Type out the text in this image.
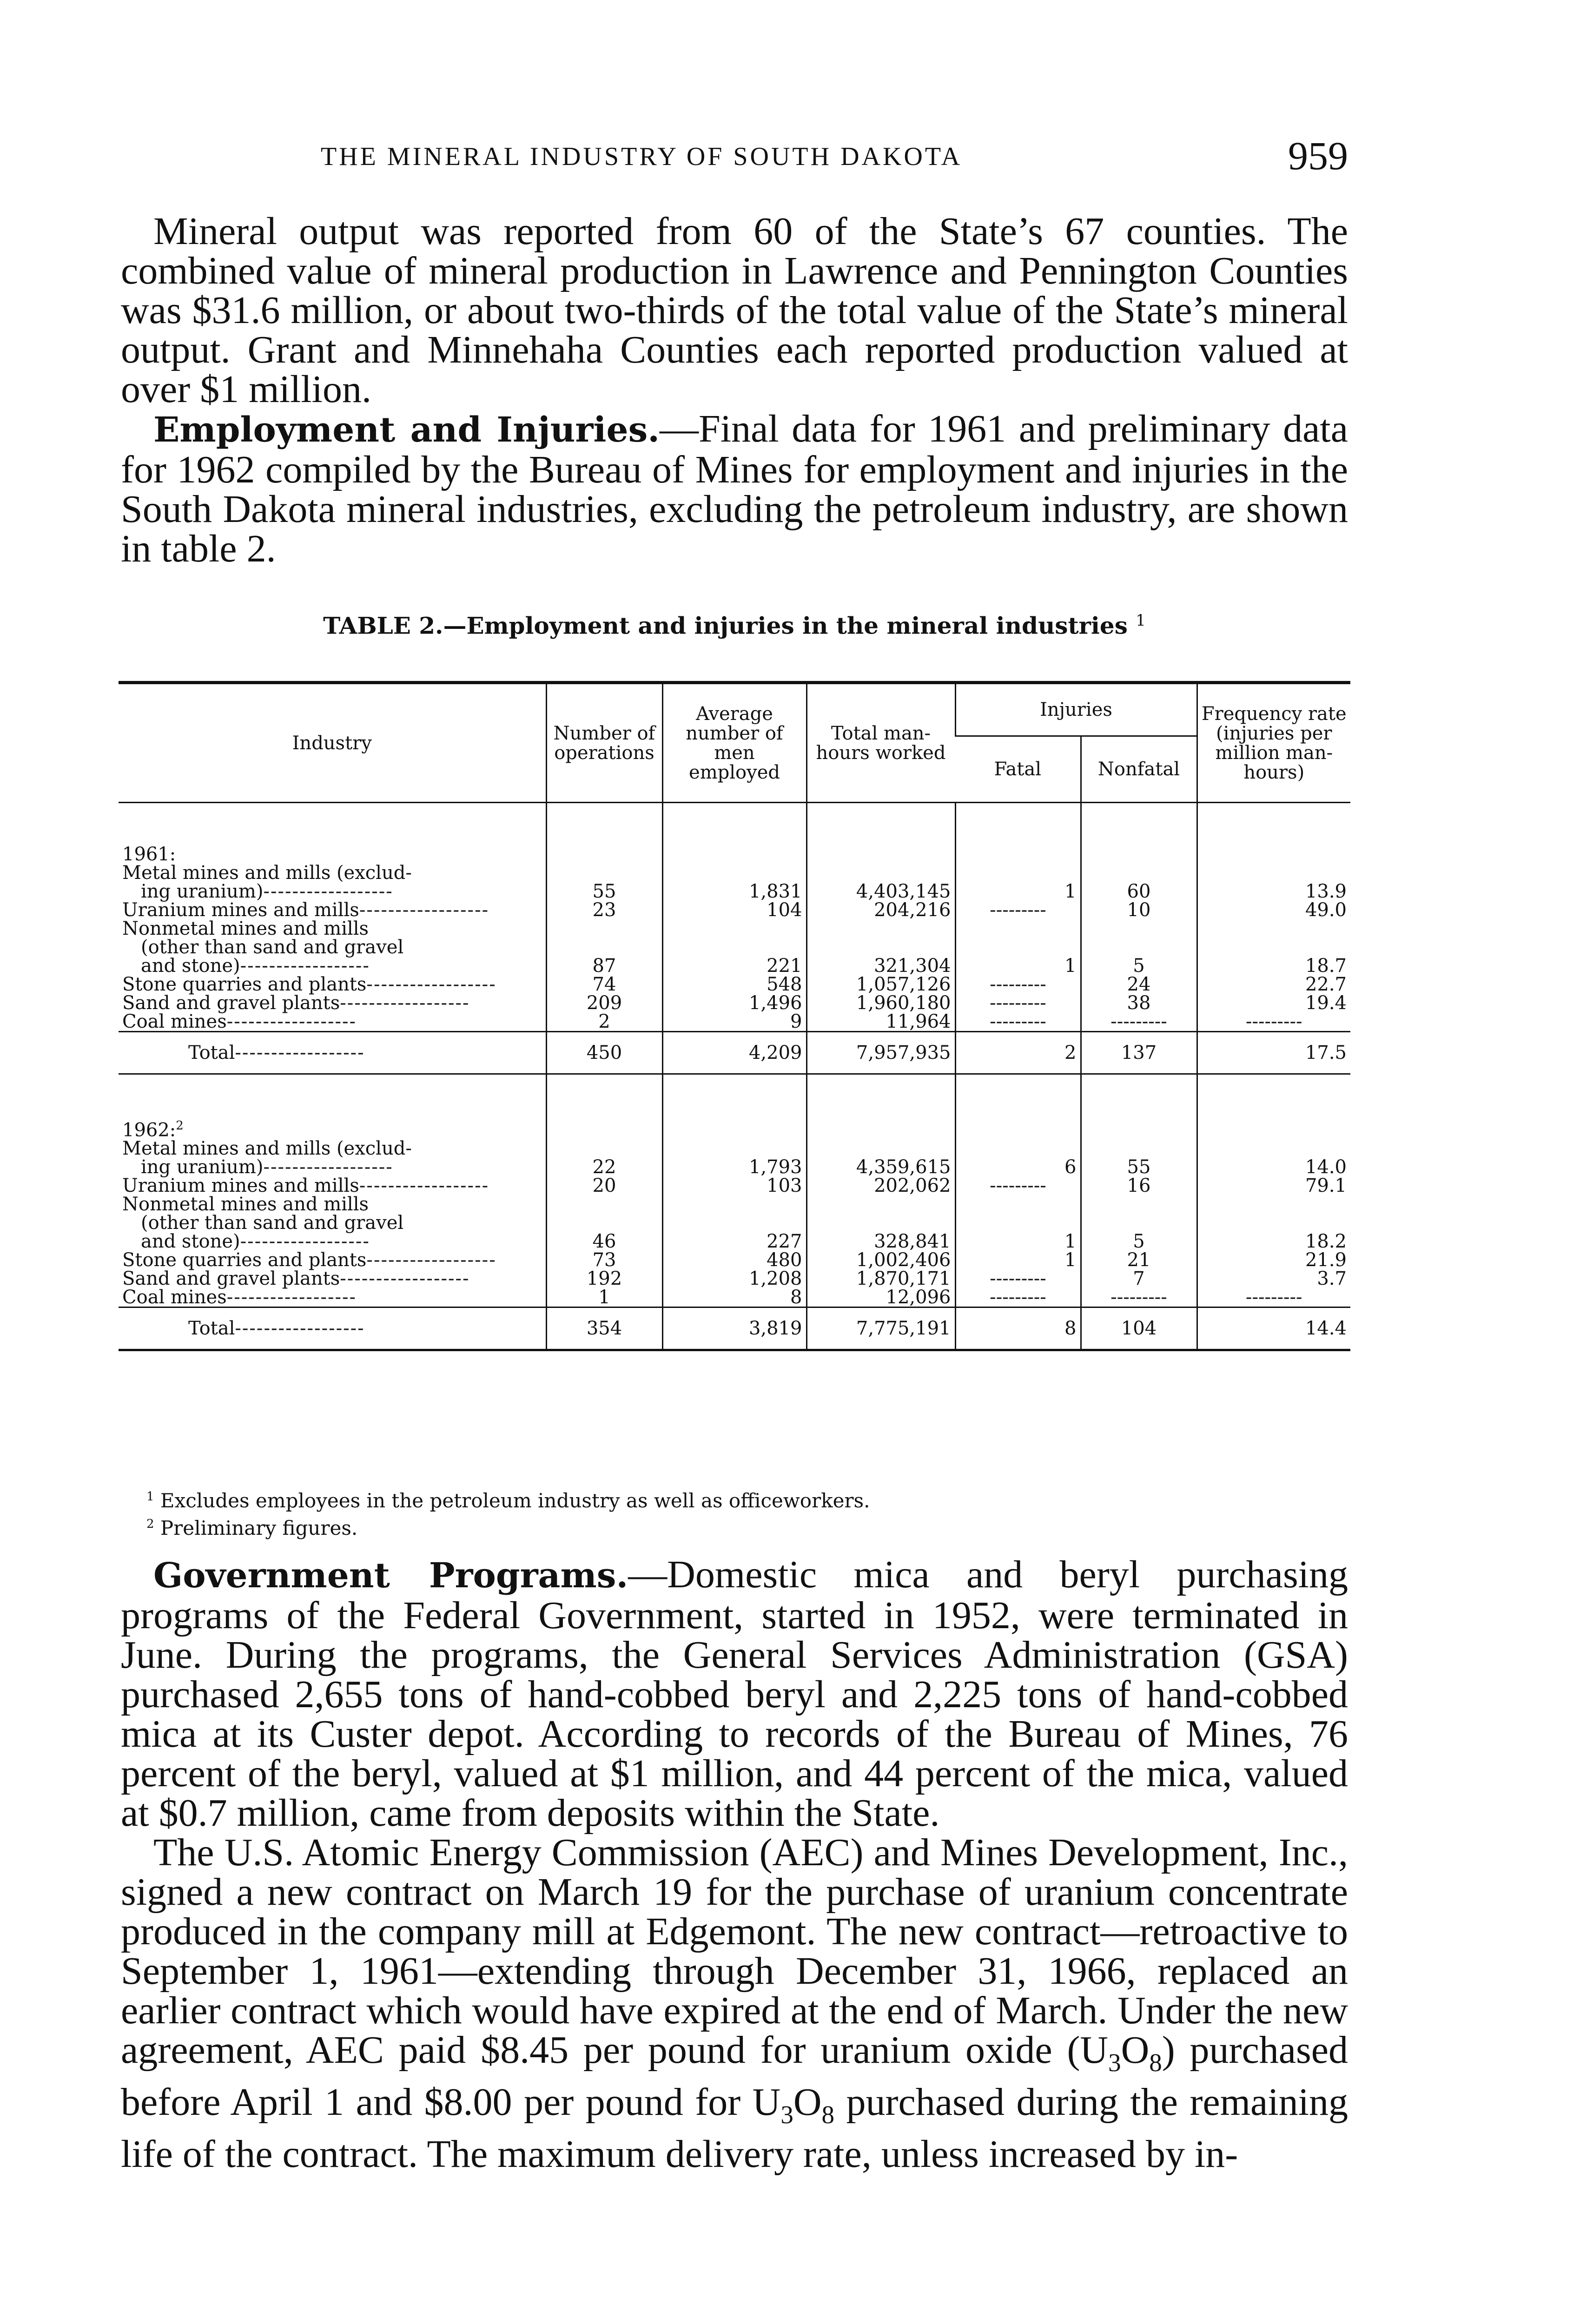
THE MINERAL INDUSTRY OF SOUTH DAKOTA	959

Mineral output was reported from 60 of the State’s 67 counties. The combined value of mineral production in Lawrence and Pennington Counties was $31.6 million, or about two-thirds of the total value of the State’s mineral output. Grant and Minnehaha Counties each reported production valued at over $1 million.

Employment and Injuries.—Final data for 1961 and preliminary data for 1962 compiled by the Bureau of Mines for employment and injuries in the South Dakota mineral industries, excluding the petroleum industry, are shown in table 2.

TABLE 2.—Employment and injuries in the mineral industries $^1$
Industry	Number of operations	Average number of men employed	Total man-hours worked	Injuries		Frequency rate (injuries per million man-hours)
				Fatal	Nonfatal	
1961:						

Metal mines and mills (exclud-
ing uranium)------------------	55	1,831	4,403,145	1	60	13.9
Uranium mines and mills------------------	23	104	204,216	---------	10	49.0

Nonmetal mines and mills
(other than sand and gravel
and stone)------------------	87	221	321,304	1	5	18.7
Stone quarries and plants------------------	74	548	1,057,126	---------	24	22.7
Sand and gravel plants------------------	209	1,496	1,960,180	---------	38	19.4
Coal mines------------------	2	9	11,964	---------	---------	---------
Total------------------	450	4,209	7,957,935	2	137	17.5
1962:$^2$						

Metal mines and mills (exclud-
ing uranium)------------------	22	1,793	4,359,615	6	55	14.0
Uranium mines and mills------------------	20	103	202,062	---------	16	79.1

Nonmetal mines and mills
(other than sand and gravel
and stone)------------------	46	227	328,841	1	5	18.2
Stone quarries and plants------------------	73	480	1,002,406	1	21	21.9
Sand and gravel plants------------------	192	1,208	1,870,171	---------	7	3.7
Coal mines------------------	1	8	12,096	---------	---------	---------
Total------------------	354	3,819	7,775,191	8	104	14.4
$^1$ Excludes employees in the petroleum industry as well as officeworkers.
$^2$ Preliminary figures.

Government Programs.—Domestic mica and beryl purchasing programs of the Federal Government, started in 1952, were terminated in June. During the programs, the General Services Administration (GSA) purchased 2,655 tons of hand-cobbed beryl and 2,225 tons of hand-cobbed mica at its Custer depot. According to records of the Bureau of Mines, 76 percent of the beryl, valued at $1 million, and 44 percent of the mica, valued at $0.7 million, came from deposits within the State.

The U.S. Atomic Energy Commission (AEC) and Mines Development, Inc., signed a new contract on March 19 for the purchase of uranium concentrate produced in the company mill at Edgemont. The new contract—retroactive to September 1, 1961—extending through December 31, 1966, replaced an earlier contract which would have expired at the end of March. Under the new agreement, AEC paid $8.45 per pound for uranium oxide $(U_3O_8)$ purchased before April 1 and $8.00 per pound for $U_3O_8$ purchased during the remaining life of the contract. The maximum delivery rate, unless increased by in-
